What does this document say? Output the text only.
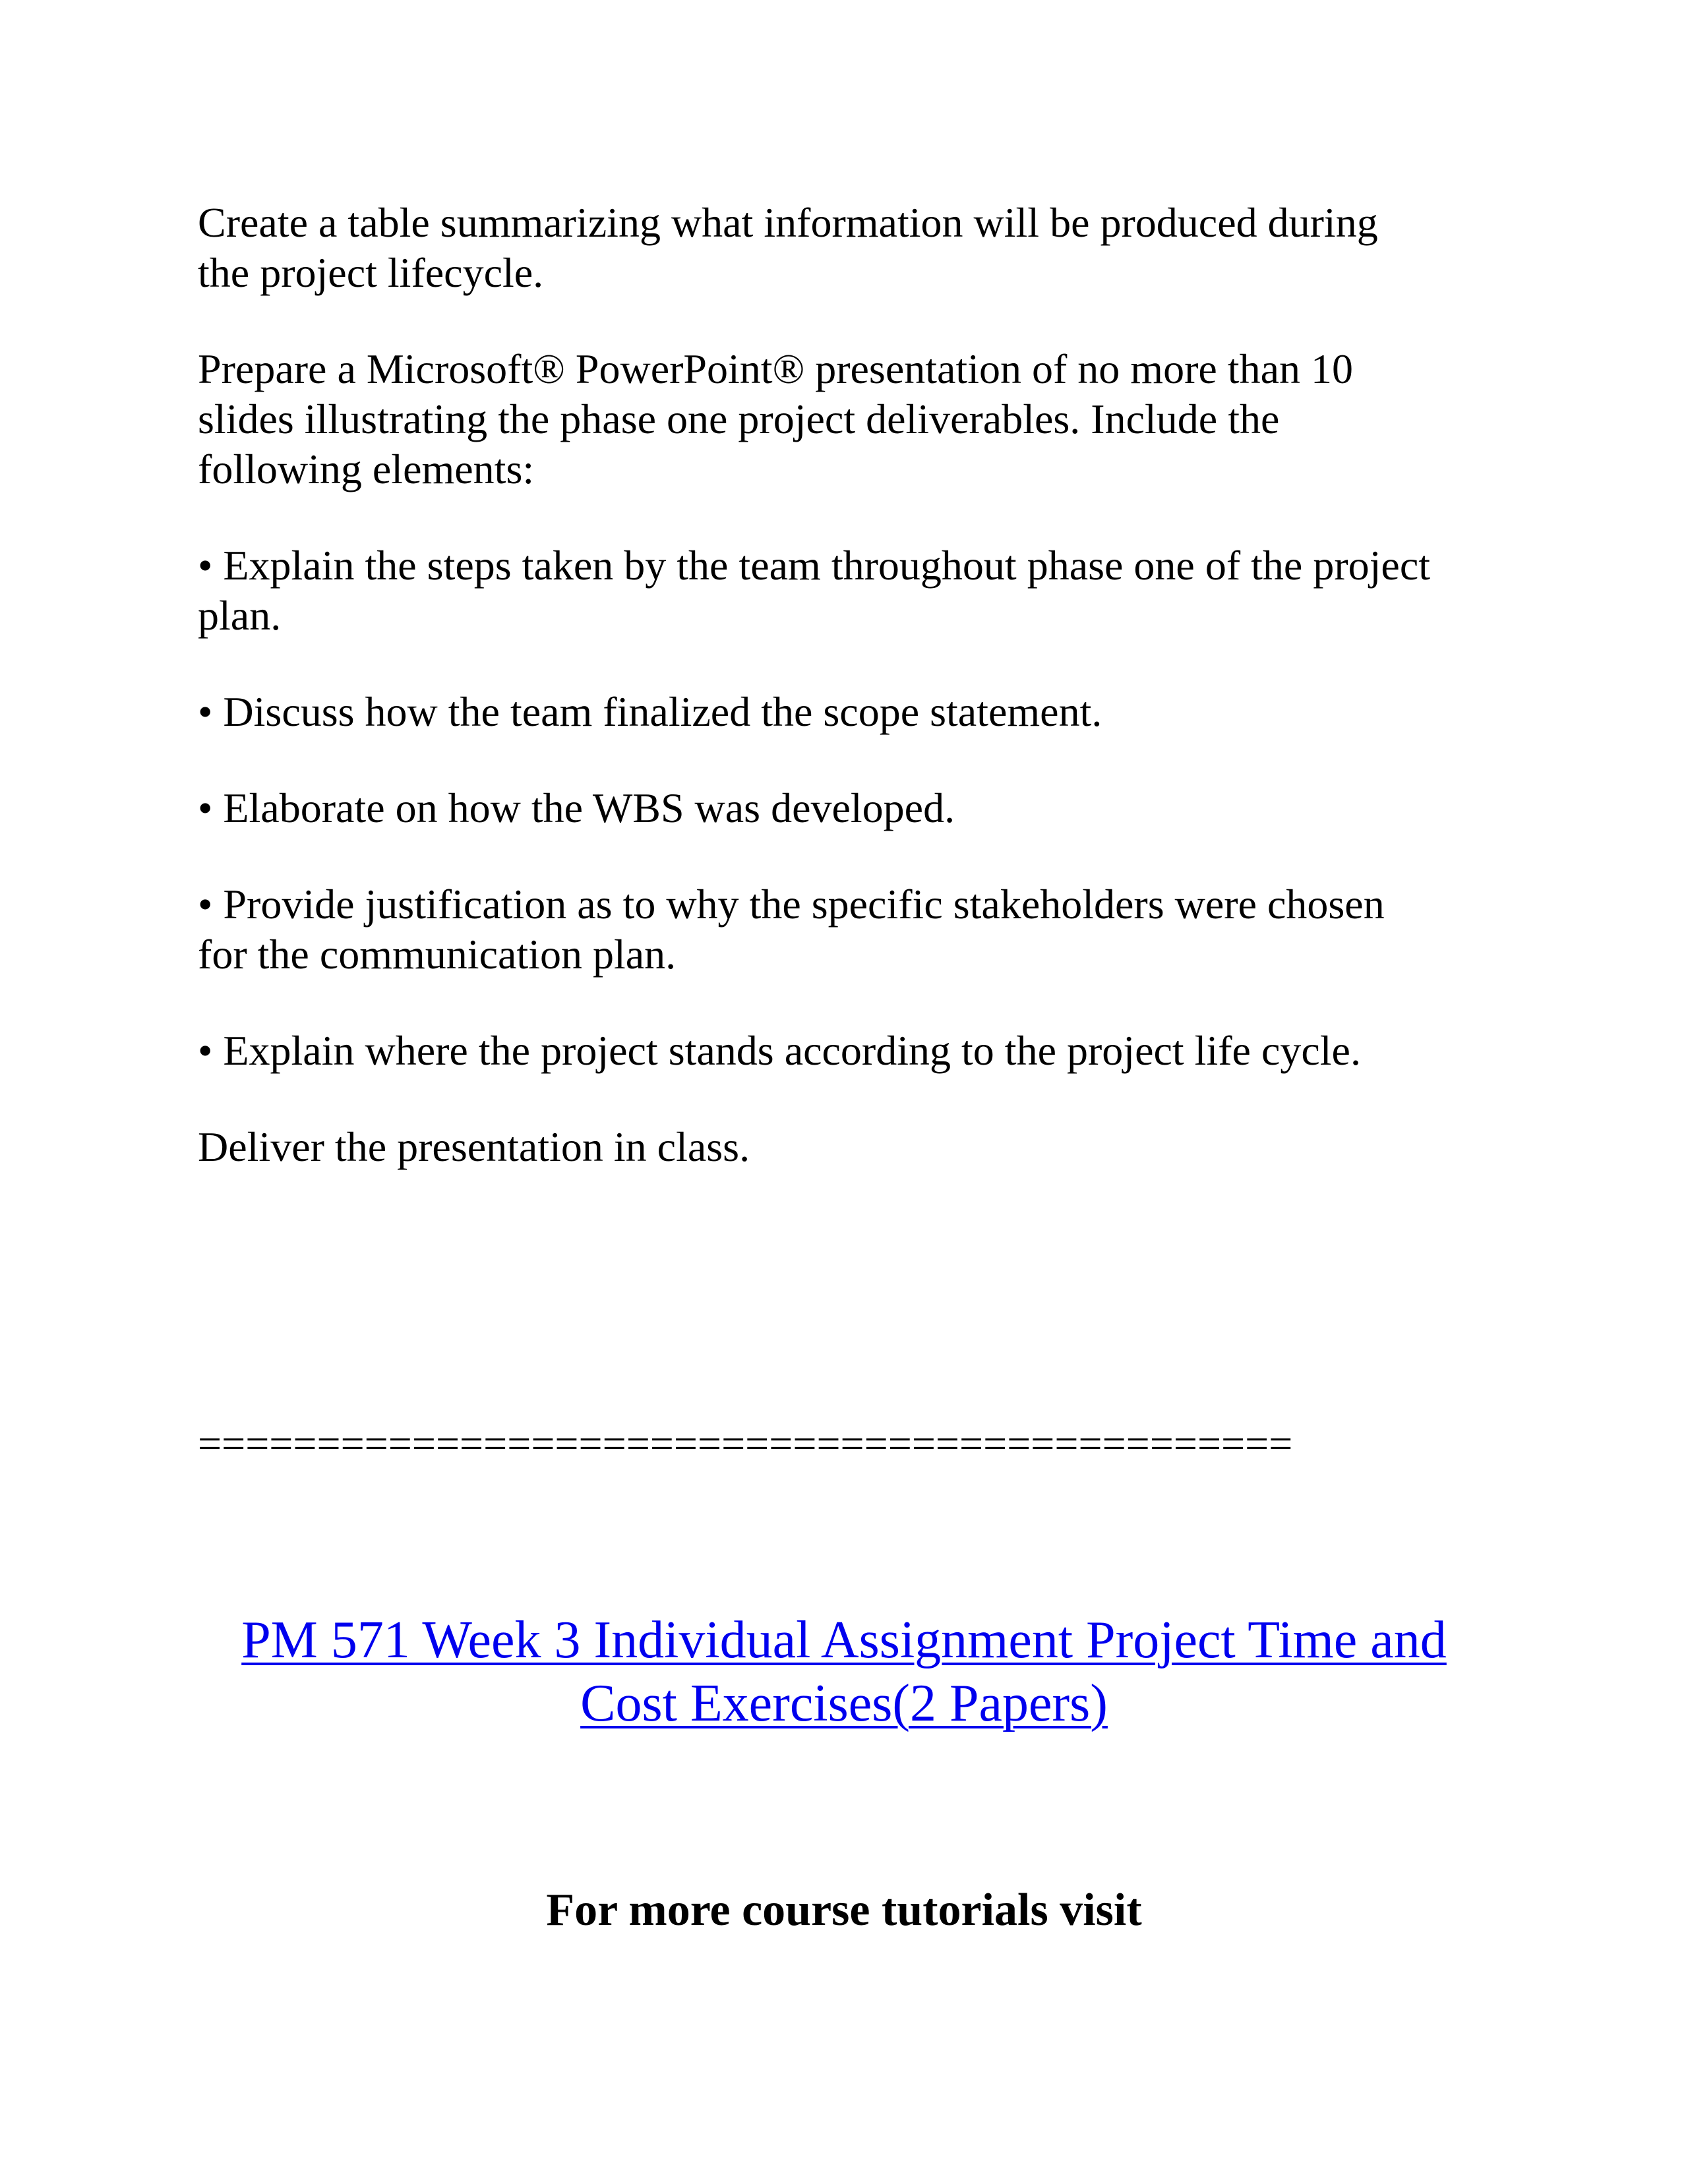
Create a table summarizing what information will be produced during
the project lifecycle.

Prepare a Microsoft® PowerPoint® presentation of no more than 10
slides illustrating the phase one project deliverables. Include the
following elements:

• Explain the steps taken by the team throughout phase one of the project
plan.

• Discuss how the team finalized the scope statement.

• Elaborate on how the WBS was developed.

• Provide justification as to why the specific stakeholders were chosen
for the communication plan.

• Explain where the project stands according to the project life cycle.

Deliver the presentation in class.

==============================================
PM 571 Week 3 Individual Assignment Project Time and
Cost Exercises(2 Papers)
For more course tutorials visit
